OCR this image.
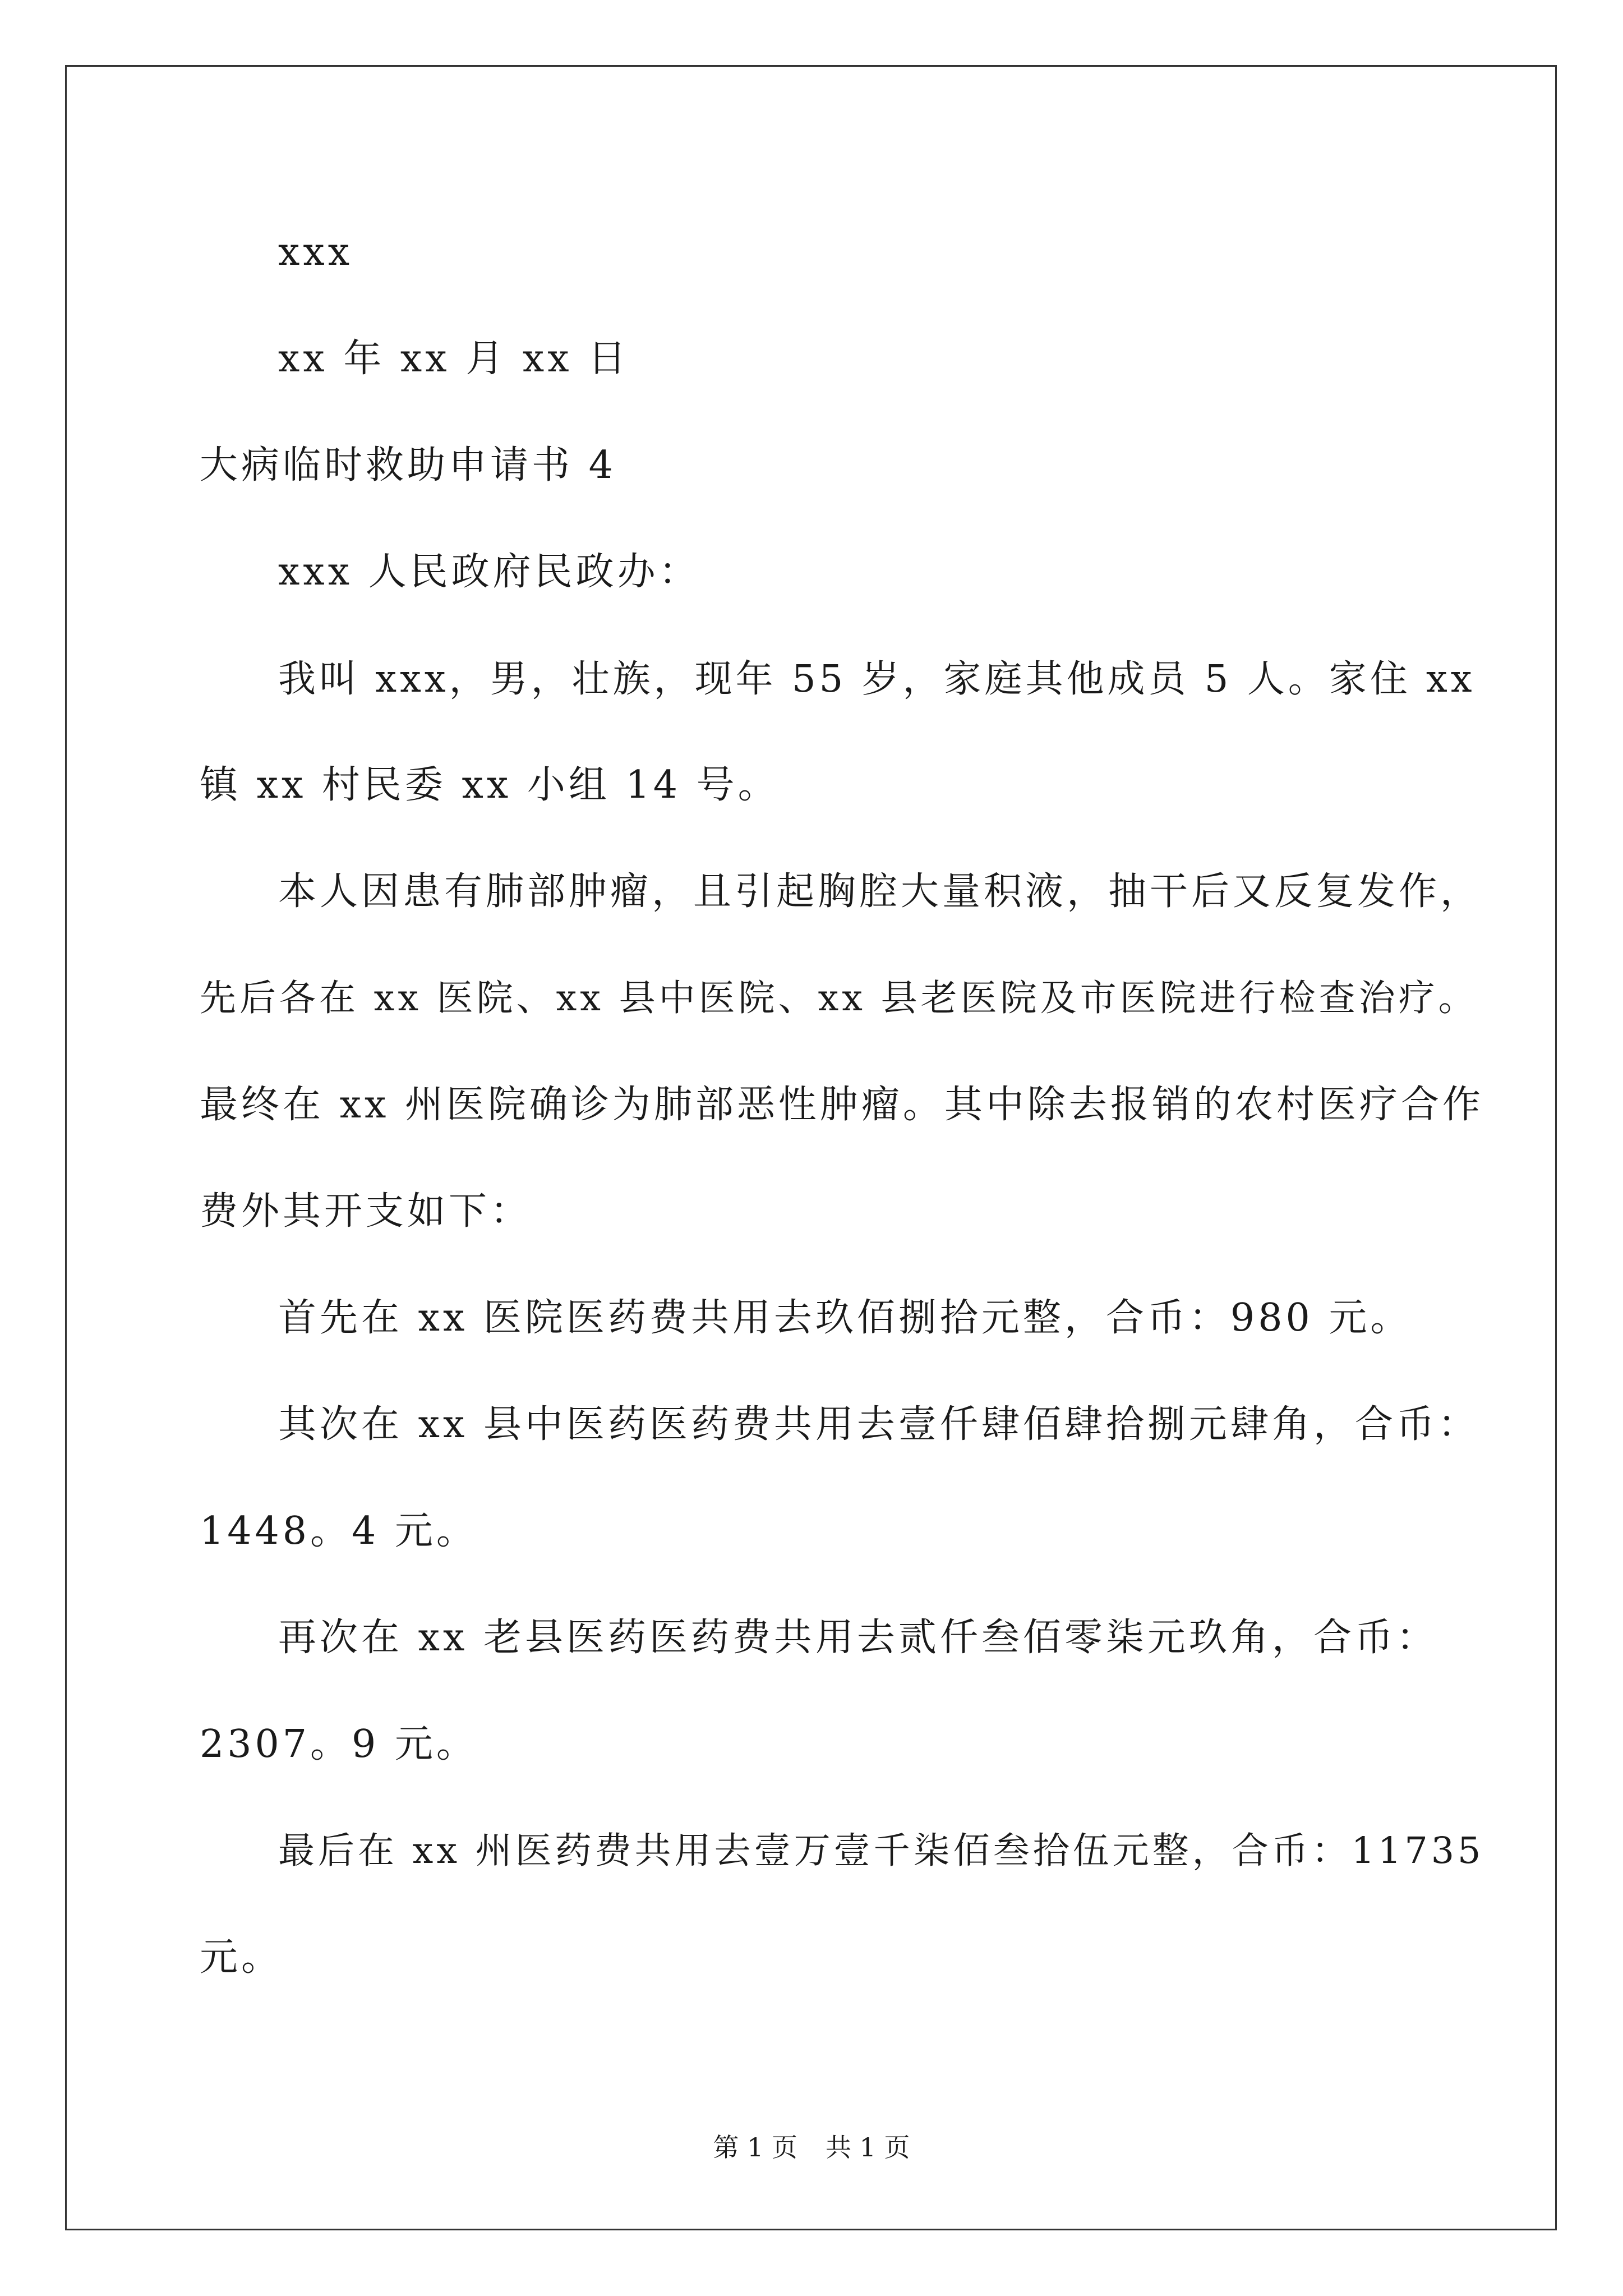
xxx
xx 年 xx 月 xx 日
大病临时救助申请书 4
xxx 人民政府民政办：
我叫 xxx，男，壮族，现年 55 岁，家庭其他成员 5 人。家住 xx
镇 xx 村民委 xx 小组 14 号。
本人因患有肺部肿瘤，且引起胸腔大量积液，抽干后又反复发作，
先后各在 xx 医院、xx 县中医院、xx 县老医院及市医院进行检查治疗。
最终在 xx 州医院确诊为肺部恶性肿瘤。其中除去报销的农村医疗合作
费外其开支如下：
首先在 xx 医院医药费共用去玖佰捌拾元整，合币：980 元。
其次在 xx 县中医药医药费共用去壹仟肆佰肆拾捌元肆角，合币：
1448。4 元。
再次在 xx 老县医药医药费共用去贰仟叁佰零柒元玖角，合币：
2307。9 元。
最后在 xx 州医药费共用去壹万壹千柒佰叁拾伍元整，合币：11735
元。
第 1 页 共 1 页
